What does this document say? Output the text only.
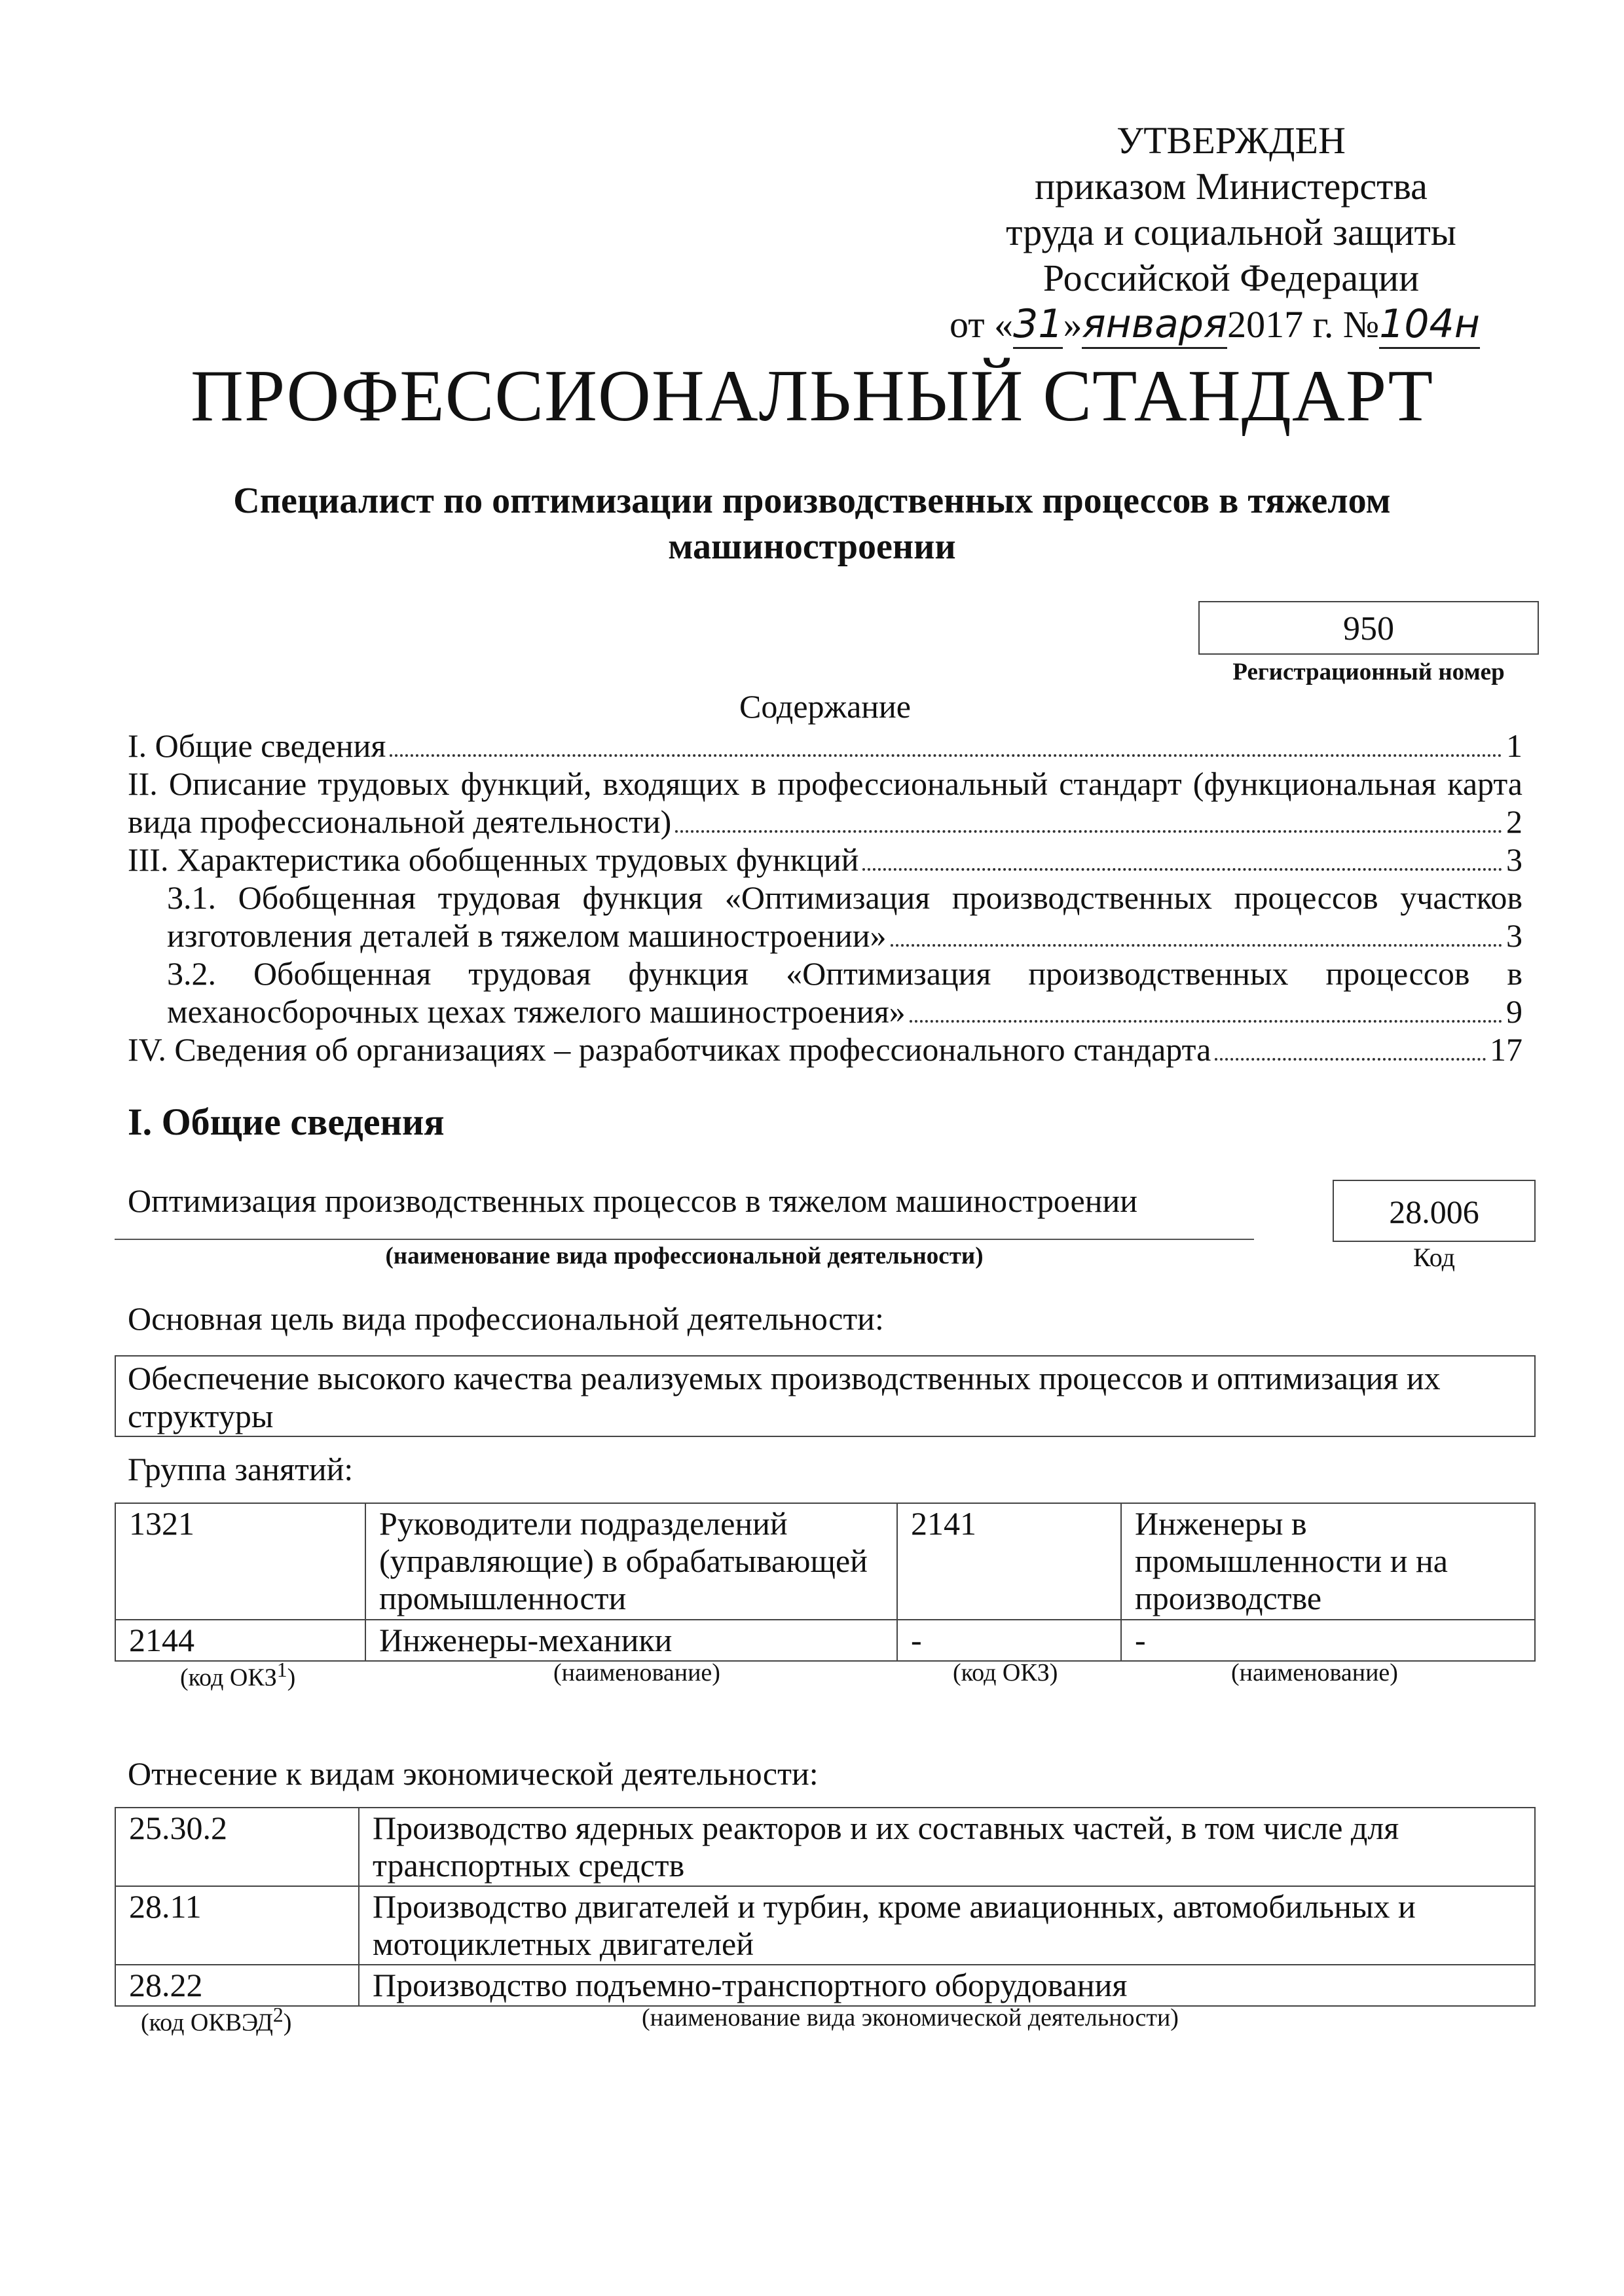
УТВЕРЖДЕН
приказом Министерства
труда и социальной защиты
Российской Федерации
от «31»января2017 г. №104н
ПРОФЕССИОНАЛЬНЫЙ СТАНДАРТ
Специалист по оптимизации производственных процессов в тяжелом машиностроении
950
Регистрационный номер
Содержание
I. Общие сведения	1
II. Описание трудовых функций, входящих в профессиональный стандарт (функциональная карта
вида профессиональной деятельности)	2
III. Характеристика обобщенных трудовых функций	3
3.1. Обобщенная трудовая функция «Оптимизация производственных процессов участков
изготовления деталей в тяжелом машиностроении»	3
3.2. Обобщенная трудовая функция «Оптимизация производственных процессов в
механосборочных цехах тяжелого машиностроения»	9
IV. Сведения об организациях – разработчиках профессионального стандарта	17
I. Общие сведения
Оптимизация производственных процессов в тяжелом машиностроении	28.006
(наименование вида профессиональной деятельности)	Код
Основная цель вида профессиональной деятельности:
Обеспечение высокого качества реализуемых производственных процессов и оптимизация их структуры
Группа занятий:
1321	Руководители подразделений (управляющие) в обрабатывающей промышленности	2141	Инженеры в промышленности и на производстве
2144	Инженеры-механики	-	-
(код ОКЗ$^1$)	(наименование)	(код ОКЗ)	(наименование)
Отнесение к видам экономической деятельности:
25.30.2	Производство ядерных реакторов и их составных частей, в том числе для транспортных средств
28.11	Производство двигателей и турбин, кроме авиационных, автомобильных и мотоциклетных двигателей
28.22	Производство подъемно-транспортного оборудования
(код ОКВЭД$^2$)	(наименование вида экономической деятельности)
